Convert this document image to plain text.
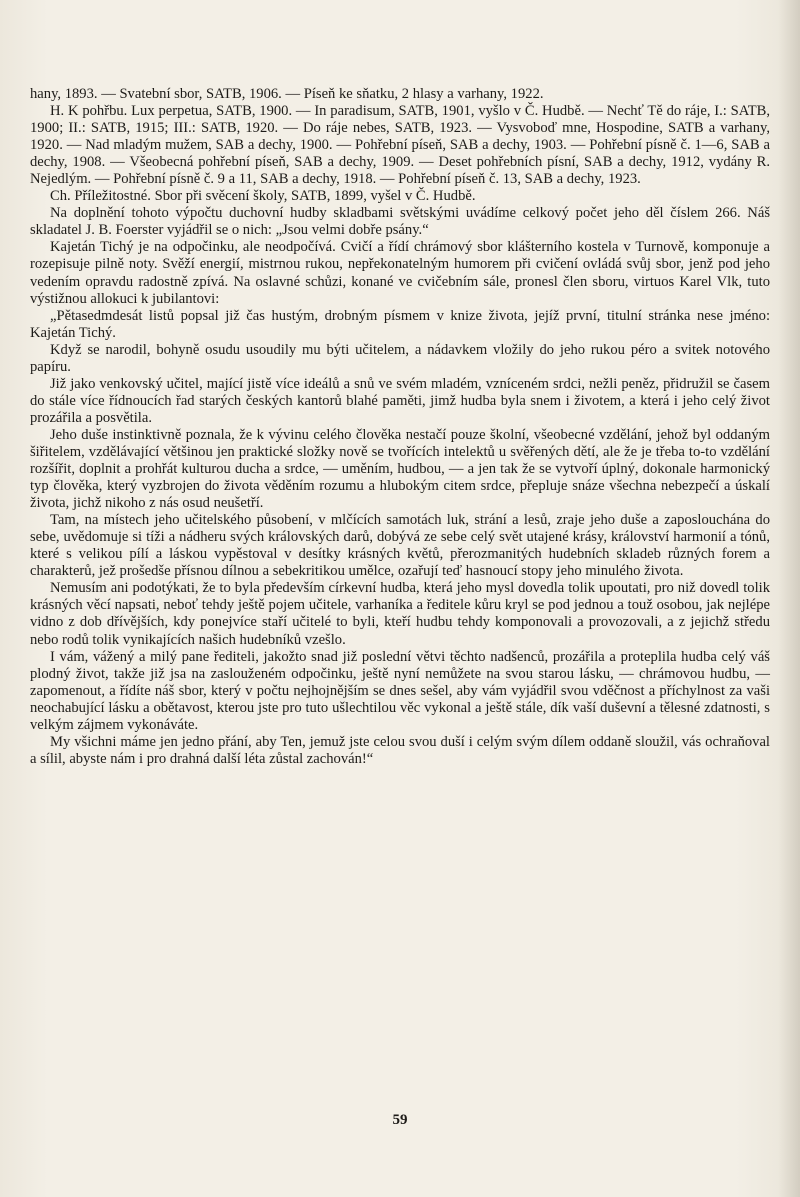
hany, 1893. — Svatební sbor, SATB, 1906. — Píseň ke sňatku, 2 hlasy a varhany, 1922.

H. K pohřbu. Lux perpetua, SATB, 1900. — In paradisum, SATB, 1901, vyšlo v Č. Hudbě. — Nechť Tě do ráje, I.: SATB, 1900; II.: SATB, 1915; III.: SATB, 1920. — Do ráje nebes, SATB, 1923. — Vysvoboď mne, Hospodine, SATB a varhany, 1920. — Nad mladým mužem, SAB a dechy, 1900. — Pohřební píseň, SAB a dechy, 1903. — Pohřební písně č. 1—6, SAB a dechy, 1908. — Všeobecná pohřební píseň, SAB a dechy, 1909. — Deset pohřebních písní, SAB a dechy, 1912, vydány R. Nejedlým. — Pohřební písně č. 9 a 11, SAB a dechy, 1918. — Pohřební píseň č. 13, SAB a dechy, 1923.

Ch. Příležitostné. Sbor při svěcení školy, SATB, 1899, vyšel v Č. Hudbě.

Na doplnění tohoto výpočtu duchovní hudby skladbami světskými uvádíme celkový počet jeho děl číslem 266. Náš skladatel J. B. Foerster vyjádřil se o nich: „Jsou velmi dobře psány.“

Kajetán Tichý je na odpočinku, ale neodpočívá. Cvičí a řídí chrámový sbor klášterního kostela v Turnově, komponuje a rozepisuje pilně noty. Svěží energií, mistrnou rukou, nepřekonatelným humorem při cvičení ovládá svůj sbor, jenž pod jeho vedením opravdu radostně zpívá. Na oslavné schůzi, konané ve cvičebním sále, pronesl člen sboru, virtuos Karel Vlk, tuto výstižnou allokuci k jubilantovi:

„Pětasedmdesát listů popsal již čas hustým, drobným písmem v knize života, jejíž první, titulní stránka nese jméno: Kajetán Tichý.

Když se narodil, bohyně osudu usoudily mu býti učitelem, a nádavkem vložily do jeho rukou péro a svitek notového papíru.

Již jako venkovský učitel, mající jistě více ideálů a snů ve svém mladém, vzníceném srdci, nežli peněz, přidružil se časem do stále více řídnoucích řad starých českých kantorů blahé paměti, jimž hudba byla snem i životem, a která i jeho celý život prozářila a posvětila.

Jeho duše instinktivně poznala, že k vývinu celého člověka nestačí pouze školní, všeobecné vzdělání, jehož byl oddaným šiřitelem, vzdělávající většinou jen praktické složky nově se tvořících intelektů u svěřených dětí, ale že je třeba to-to vzdělání rozšířit, doplnit a prohřát kulturou ducha a srdce, — uměním, hudbou, — a jen tak že se vytvoří úplný, dokonale harmonický typ člověka, který vyzbrojen do života věděním rozumu a hlubokým citem srdce, přepluje snáze všechna nebezpečí a úskalí života, jichž nikoho z nás osud neušetří.

Tam, na místech jeho učitelského působení, v mlčících samotách luk, strání a lesů, zraje jeho duše a zaposlouchána do sebe, uvědomuje si tíži a nádheru svých královských darů, dobývá ze sebe celý svět utajené krásy, království harmonií a tónů, které s velikou pílí a láskou vypěstoval v desítky krásných květů, přerozmanitých hudebních skladeb různých forem a charakterů, jež prošedše přísnou dílnou a sebekritikou umělce, ozařují teď hasnoucí stopy jeho minulého života.

Nemusím ani podotýkati, že to byla především církevní hudba, která jeho mysl dovedla tolik upoutati, pro niž dovedl tolik krásných věcí napsati, neboť tehdy ještě pojem učitele, varhaníka a ředitele kůru kryl se pod jednou a touž osobou, jak nejlépe vidno z dob dřívějších, kdy ponejvíce staří učitelé to byli, kteří hudbu tehdy komponovali a provozovali, a z jejichž středu nebo rodů tolik vynikajících našich hudebníků vzešlo.

I vám, vážený a milý pane řediteli, jakožto snad již poslední větvi těchto nadšenců, prozářila a proteplila hudba celý váš plodný život, takže již jsa na zaslouženém odpočinku, ještě nyní nemůžete na svou starou lásku, — chrámovou hudbu, — zapomenout, a řídíte náš sbor, který v počtu nejhojnějším se dnes sešel, aby vám vyjádřil svou vděčnost a příchylnost za vaši neochabující lásku a obětavost, kterou jste pro tuto ušlechtilou věc vykonal a ještě stále, dík vaší duševní a tělesné zdatnosti, s velkým zájmem vykonáváte.

My všichni máme jen jedno přání, aby Ten, jemuž jste celou svou duší i celým svým dílem oddaně sloužil, vás ochraňoval a sílil, abyste nám i pro drahná další léta zůstal zachován!“

59
